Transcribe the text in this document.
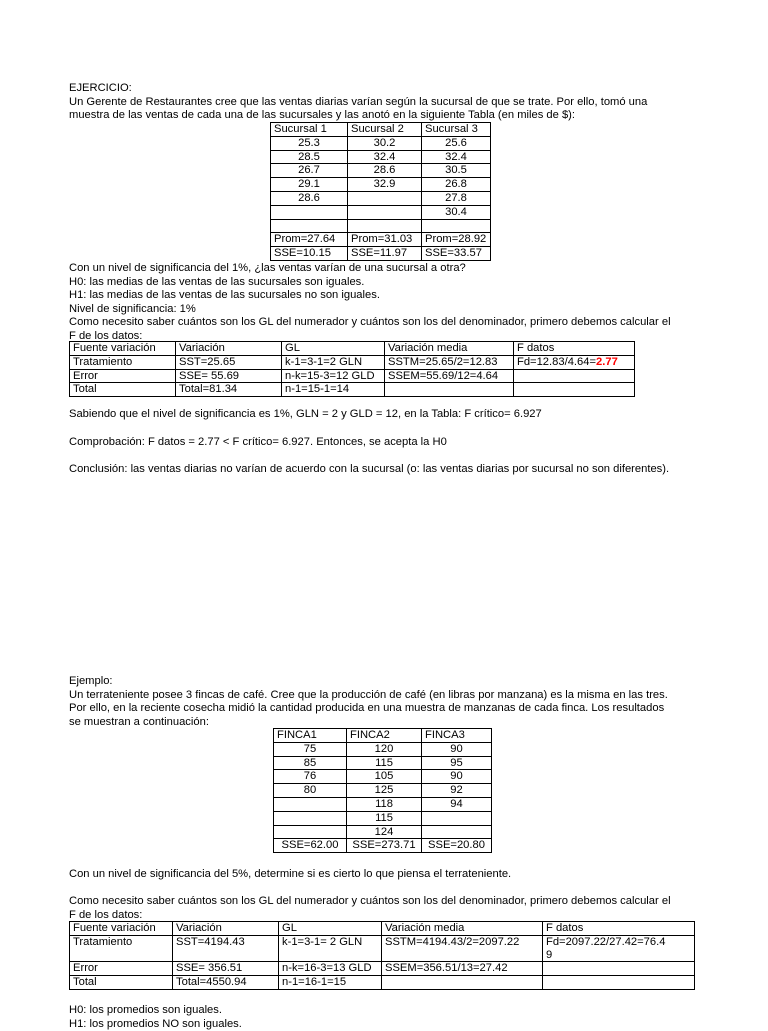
EJERCICIO:
Un Gerente de Restaurantes cree que las ventas diarias varían según la sucursal de que se trate. Por ello, tomó una
muestra de las ventas de cada una de las sucursales y las anotó en la siguiente Tabla (en miles de $):
Sucursal 1	Sucursal 2	Sucursal 3
25.3	30.2	25.6
28.5	32.4	32.4
26.7	28.6	30.5
29.1	32.9	26.8
28.6		27.8
		30.4

Prom=27.64	Prom=31.03	Prom=28.92
SSE=10.15	SSE=11.97	SSE=33.57
Con un nivel de significancia del 1%, ¿las ventas varían de una sucursal a otra?
H0: las medias de las ventas de las sucursales son iguales.
H1: las medias de las ventas de las sucursales no son iguales.
Nivel de significancia: 1%
Como necesito saber cuántos son los GL del numerador y cuántos son los del denominador, primero debemos calcular el
F de los datos:
Fuente variación	Variación	GL	Variación media	F datos
Tratamiento	SST=25.65	k-1=3-1=2 GLN	SSTM=25.65/2=12.83	Fd=12.83/4.64=2.77
Error	SSE= 55.69	n-k=15-3=12 GLD	SSEM=55.69/12=4.64	
Total	Total=81.34	n-1=15-1=14		
Sabiendo que el nivel de significancia es 1%, GLN = 2 y GLD = 12, en la Tabla: F crítico= 6.927
Comprobación: F datos = 2.77 < F crítico= 6.927. Entonces, se acepta la H0
Conclusión: las ventas diarias no varían de acuerdo con la sucursal (o: las ventas diarias por sucursal no son diferentes).
Ejemplo:
Un terrateniente posee 3 fincas de café. Cree que la producción de café (en libras por manzana) es la misma en las tres.
Por ello, en la reciente cosecha midió la cantidad producida en una muestra de manzanas de cada finca. Los resultados
se muestran a continuación:
FINCA1	FINCA2	FINCA3
75	120	90
85	115	95
76	105	90
80	125	92
	118	94
	115	
	124	
SSE=62.00	SSE=273.71	SSE=20.80
Con un nivel de significancia del 5%, determine si es cierto lo que piensa el terrateniente.
Como necesito saber cuántos son los GL del numerador y cuántos son los del denominador, primero debemos calcular el
F de los datos:
Fuente variación	Variación	GL	Variación media	F datos
Tratamiento	SST=4194.43	k-1=3-1= 2 GLN	SSTM=4194.43/2=2097.22	Fd=2097.22/27.42=76.4
				9
Error	SSE= 356.51	n-k=16-3=13 GLD	SSEM=356.51/13=27.42	
Total	Total=4550.94	n-1=16-1=15		
H0: los promedios son iguales.
H1: los promedios NO son iguales.
